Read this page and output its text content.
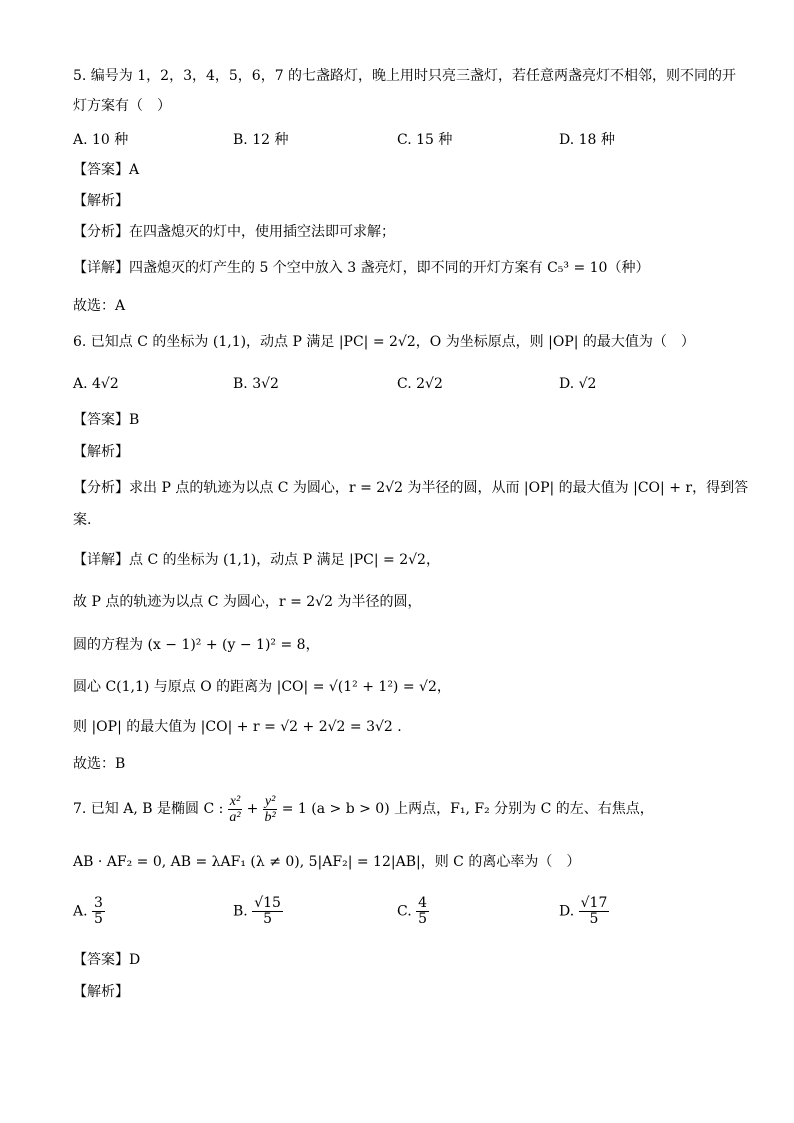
5. 编号为 1，2，3，4，5，6，7 的七盏路灯，晚上用时只亮三盏灯，若任意两盏亮灯不相邻，则不同的开
灯方案有（　）
A. 10 种	B. 12 种	C. 15 种	D. 18 种
【答案】A
【解析】
【分析】在四盏熄灭的灯中，使用插空法即可求解；
【详解】四盏熄灭的灯产生的 5 个空中放入 3 盏亮灯，即不同的开灯方案有 C₅³ = 10（种）
故选：A
6. 已知点 C 的坐标为 (1,1)，动点 P 满足 |PC| = 2√2，O 为坐标原点，则 |OP| 的最大值为（　）
A. 4√2	B. 3√2	C. 2√2	D. √2
【答案】B
【解析】
【分析】求出 P 点的轨迹为以点 C 为圆心，r = 2√2 为半径的圆，从而 |OP| 的最大值为 |CO| + r，得到答
案.
【详解】点 C 的坐标为 (1,1)，动点 P 满足 |PC| = 2√2，
故 P 点的轨迹为以点 C 为圆心，r = 2√2 为半径的圆，
圆的方程为 (x − 1)² + (y − 1)² = 8，
圆心 C(1,1) 与原点 O 的距离为 |CO| = √(1² + 1²) = √2，
则 |OP| 的最大值为 |CO| + r = √2 + 2√2 = 3√2 .
故选：B
7. 已知 A, B 是椭圆 C : $\frac{\text{x²}}{\text{a²}} + \frac{\text{y²}}{\text{b²}} = 1$ (a > b > 0) 上两点，F₁, F₂ 分别为 C 的左、右焦点，
AB · AF₂ = 0, AB = λAF₁ (λ ≠ 0), 5|AF₂| = 12|AB|，则 C 的离心率为（　）
A. $\frac{3}{5}$	B. $\frac{√15}{5}$	C. $\frac{4}{5}$	D. $\frac{√17}{5}$
【答案】D
【解析】
